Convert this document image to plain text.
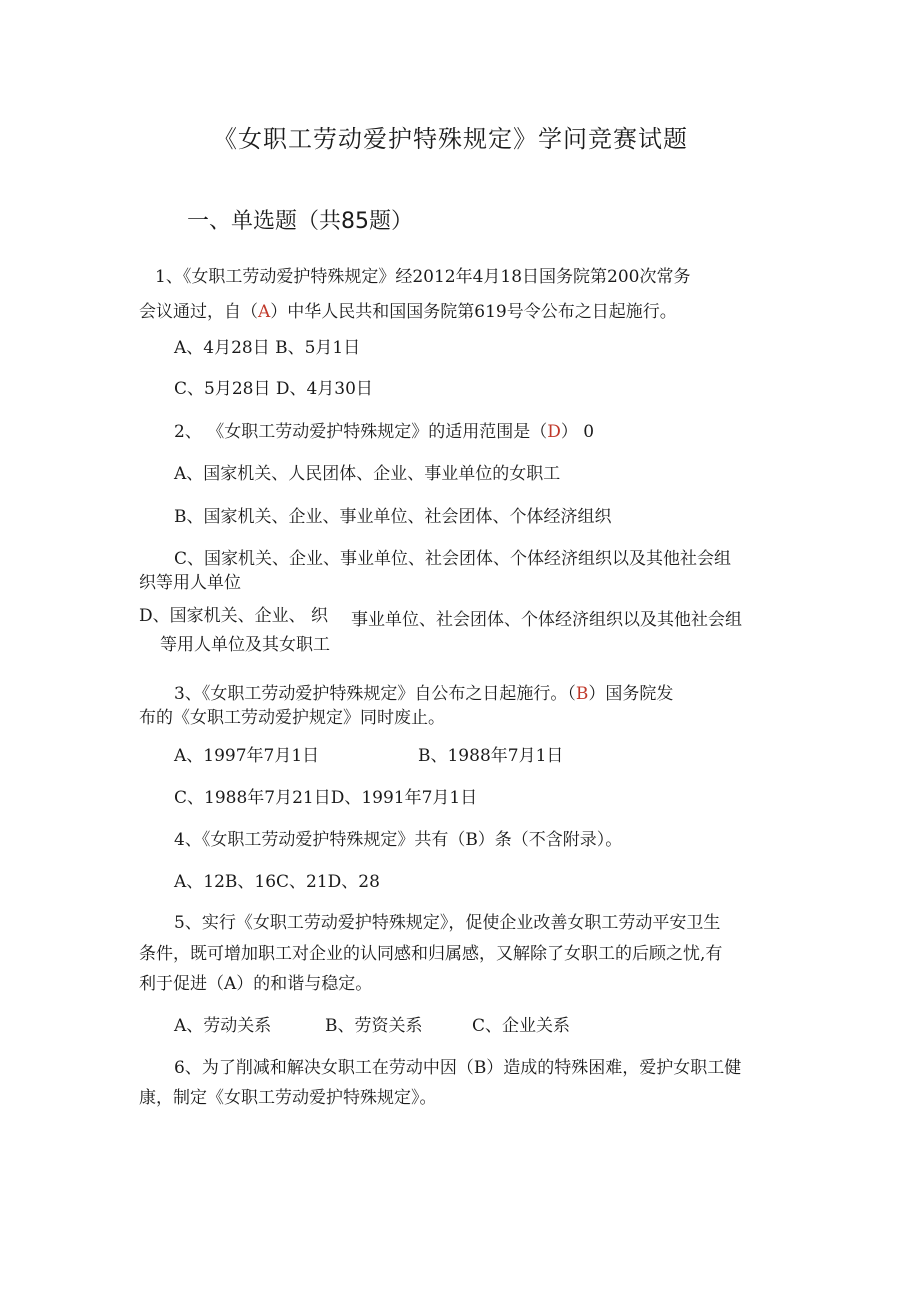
《女职工劳动爱护特殊规定》学问竞赛试题
一、单选题（共85题）
1、《女职工劳动爱护特殊规定》经2012年4月18日国务院第200次常务
会议通过，自（A）中华人民共和国国务院第619号令公布之日起施行。
A、4月28日 B、5月1日
C、5月28日 D、4月30日
2、 《女职工劳动爱护特殊规定》的适用范围是（D） 0
A、国家机关、人民团体、企业、事业单位的女职工
B、国家机关、企业、事业单位、社会团体、个体经济组织
C、国家机关、企业、事业单位、社会团体、个体经济组织以及其他社会组
织等用人单位
D、国家机关、企业、 织 事业单位、社会团体、个体经济组织以及其他社会组
等用人单位及其女职工
3、《女职工劳动爱护特殊规定》自公布之日起施行。（B）国务院发
布的《女职工劳动爱护规定》同时废止。
A、1997年7月1日	B、1988年7月1日
C、1988年7月21日D、1991年7月1日
4、《女职工劳动爱护特殊规定》共有（B）条（不含附录）。
A、12B、16C、21D、28
5、实行《女职工劳动爱护特殊规定》，促使企业改善女职工劳动平安卫生
条件，既可增加职工对企业的认同感和归属感，又解除了女职工的后顾之忧,有
利于促进（A）的和谐与稳定。
A、劳动关系	B、劳资关系	C、企业关系
6、为了削减和解决女职工在劳动中因（B）造成的特殊困难，爱护女职工健
康，制定《女职工劳动爱护特殊规定》。
